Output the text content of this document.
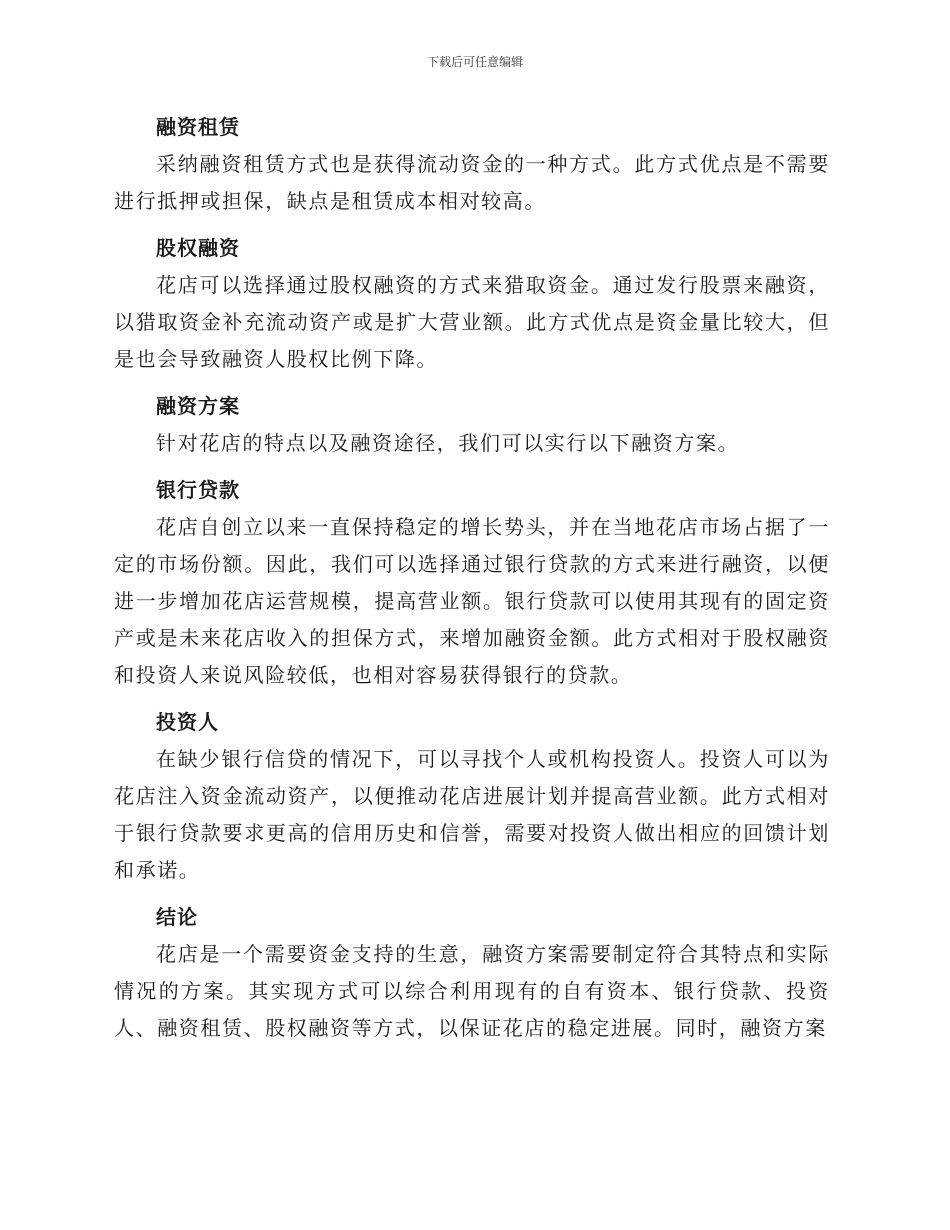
下载后可任意编辑
融资租赁

采纳融资租赁方式也是获得流动资金的一种方式。此方式优点是不需要进行抵押或担保，缺点是租赁成本相对较高。

股权融资

花店可以选择通过股权融资的方式来猎取资金。通过发行股票来融资，以猎取资金补充流动资产或是扩大营业额。此方式优点是资金量比较大，但是也会导致融资人股权比例下降。

融资方案

针对花店的特点以及融资途径，我们可以实行以下融资方案。

银行贷款

花店自创立以来一直保持稳定的增长势头，并在当地花店市场占据了一定的市场份额。因此，我们可以选择通过银行贷款的方式来进行融资，以便进一步增加花店运营规模，提高营业额。银行贷款可以使用其现有的固定资产或是未来花店收入的担保方式，来增加融资金额。此方式相对于股权融资和投资人来说风险较低，也相对容易获得银行的贷款。

投资人

在缺少银行信贷的情况下，可以寻找个人或机构投资人。投资人可以为花店注入资金流动资产，以便推动花店进展计划并提高营业额。此方式相对于银行贷款要求更高的信用历史和信誉，需要对投资人做出相应的回馈计划和承诺。

结论

花店是一个需要资金支持的生意，融资方案需要制定符合其特点和实际情况的方案。其实现方式可以综合利用现有的自有资本、银行贷款、投资人、融资租赁、股权融资等方式，以保证花店的稳定进展。同时，融资方案
